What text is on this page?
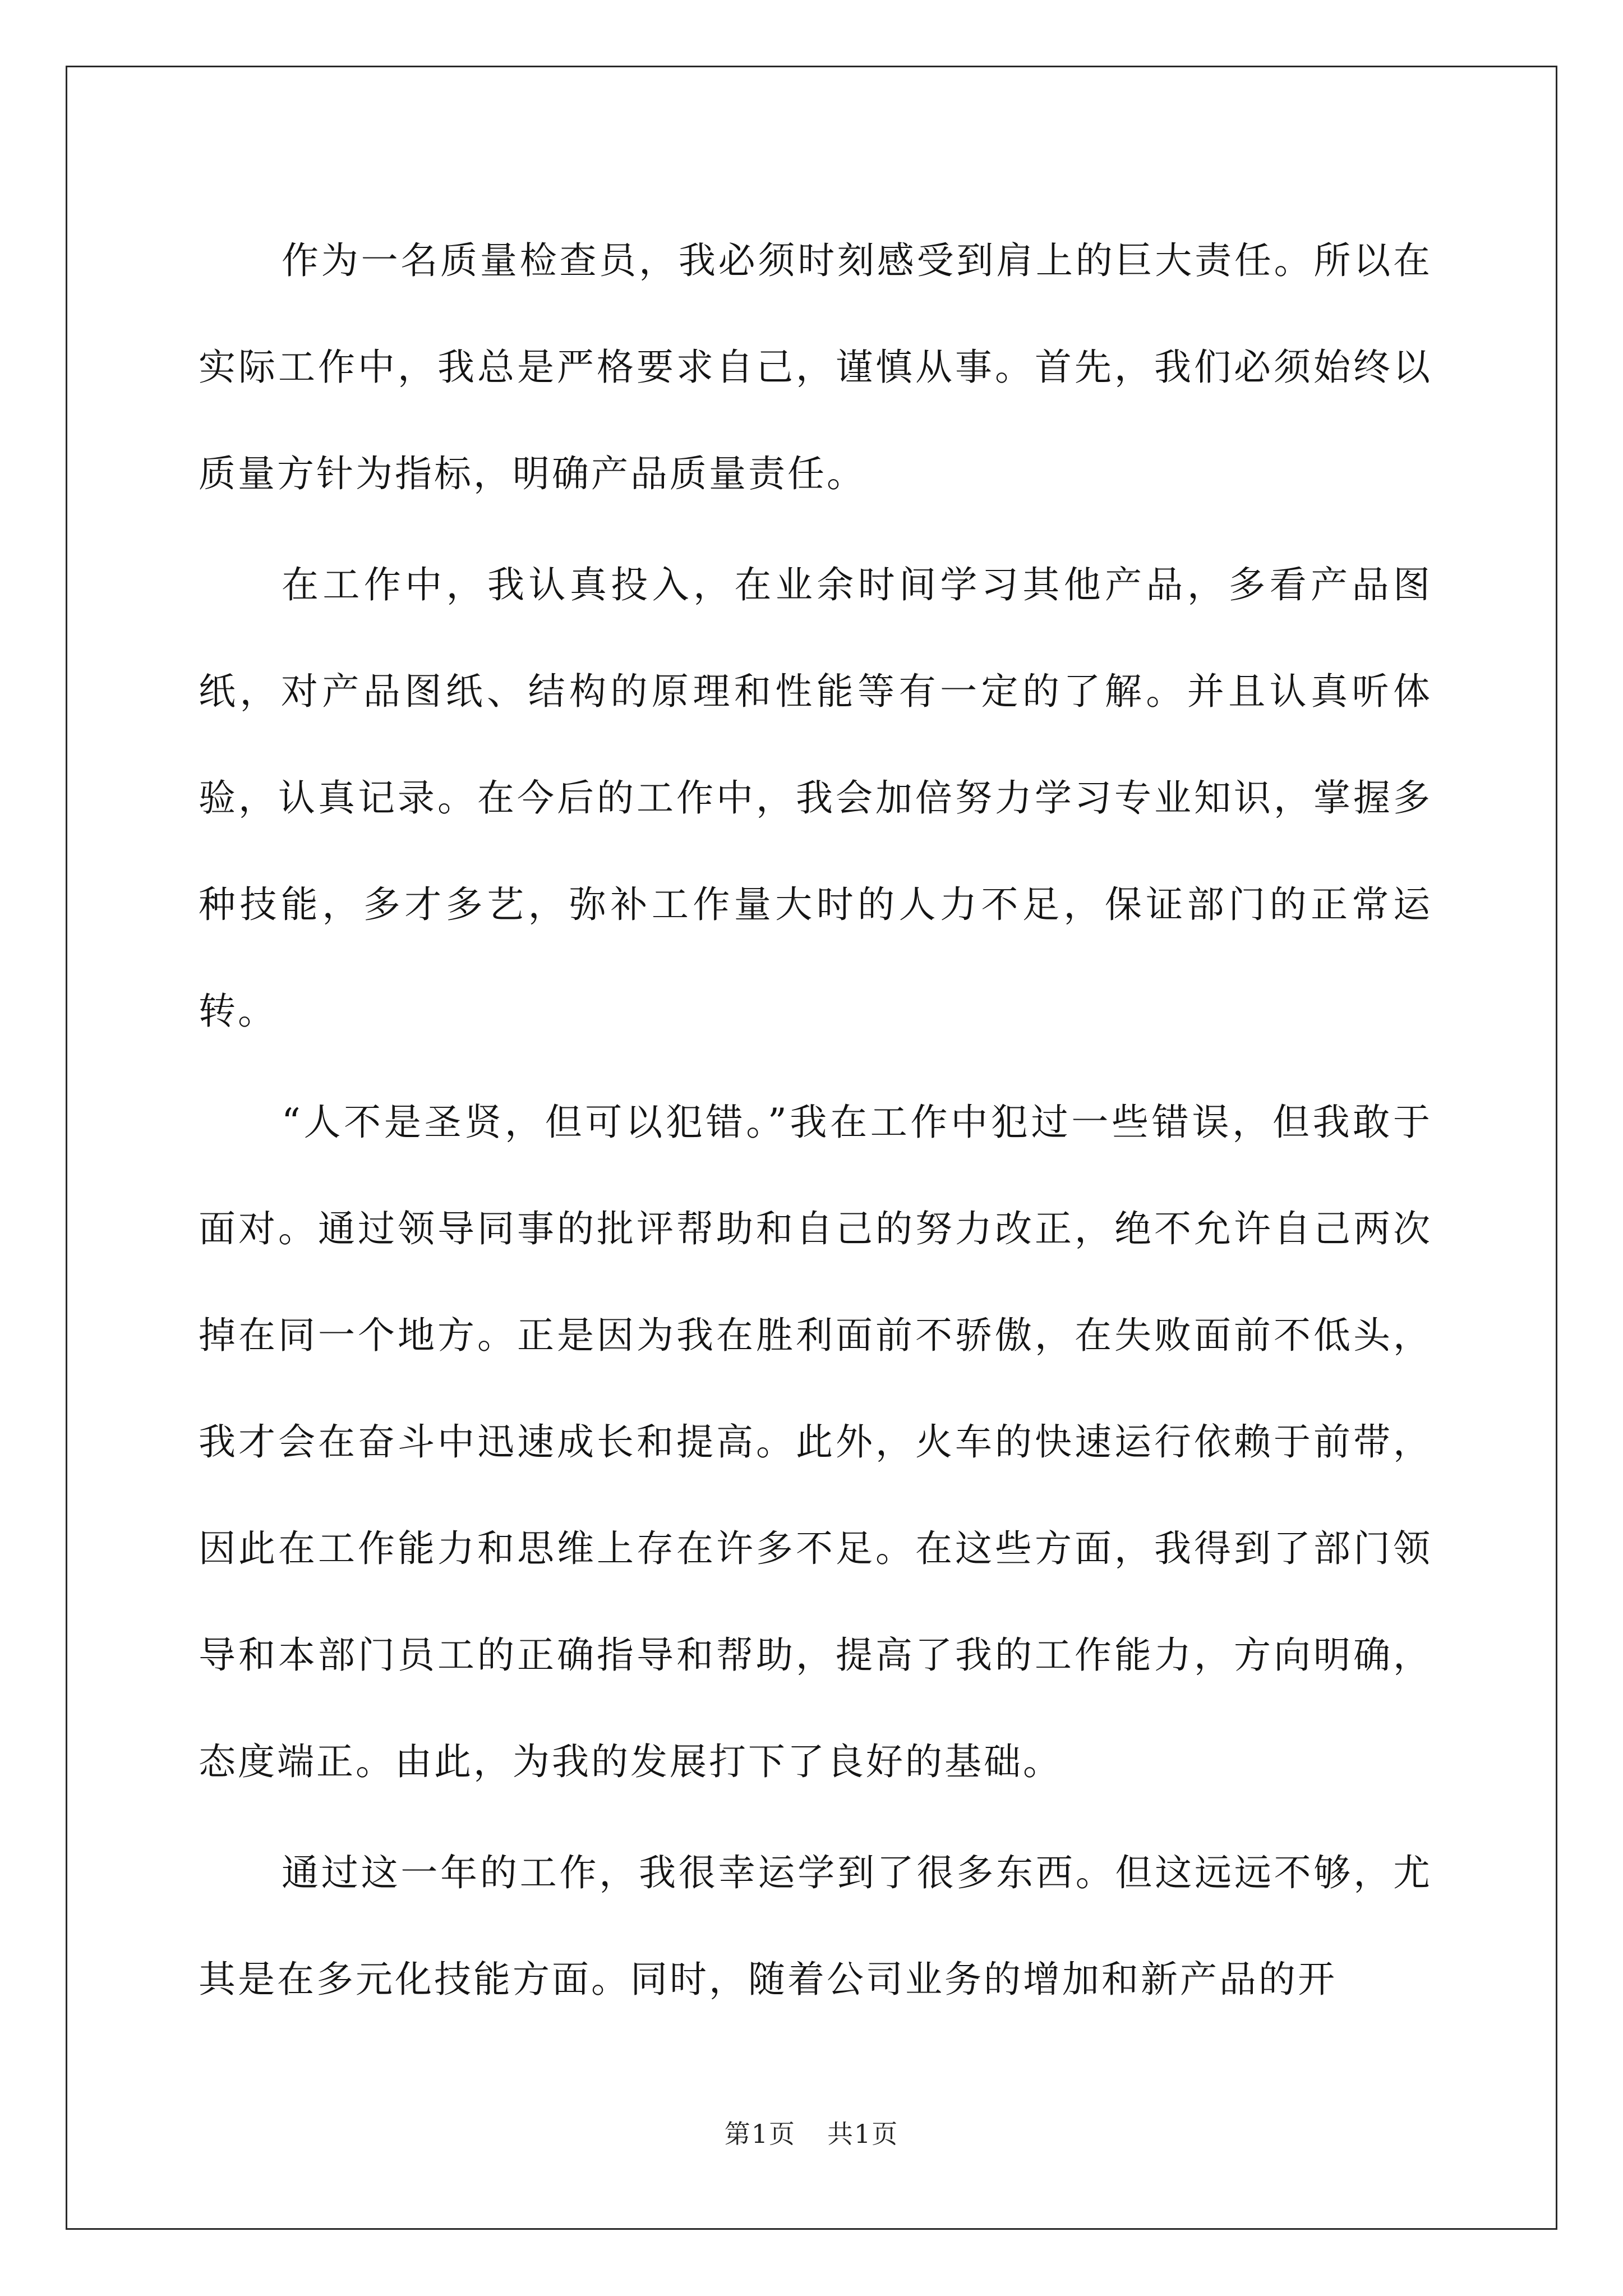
作为一名质量检查员，我必须时刻感受到肩上的巨大责任。所以在实际工作中，我总是严格要求自己，谨慎从事。首先，我们必须始终以质量方针为指标，明确产品质量责任。

在工作中，我认真投入，在业余时间学习其他产品，多看产品图纸，对产品图纸、结构的原理和性能等有一定的了解。并且认真听体验，认真记录。在今后的工作中，我会加倍努力学习专业知识，掌握多种技能，多才多艺，弥补工作量大时的人力不足，保证部门的正常运转。

“人不是圣贤，但可以犯错。”我在工作中犯过一些错误，但我敢于面对。通过领导同事的批评帮助和自己的努力改正，绝不允许自己两次掉在同一个地方。正是因为我在胜利面前不骄傲，在失败面前不低头，我才会在奋斗中迅速成长和提高。此外，火车的快速运行依赖于前带，因此在工作能力和思维上存在许多不足。在这些方面，我得到了部门领导和本部门员工的正确指导和帮助，提高了我的工作能力，方向明确，态度端正。由此，为我的发展打下了良好的基础。

通过这一年的工作，我很幸运学到了很多东西。但这远远不够，尤其是在多元化技能方面。同时，随着公司业务的增加和新产品的开

第1页 共1页
